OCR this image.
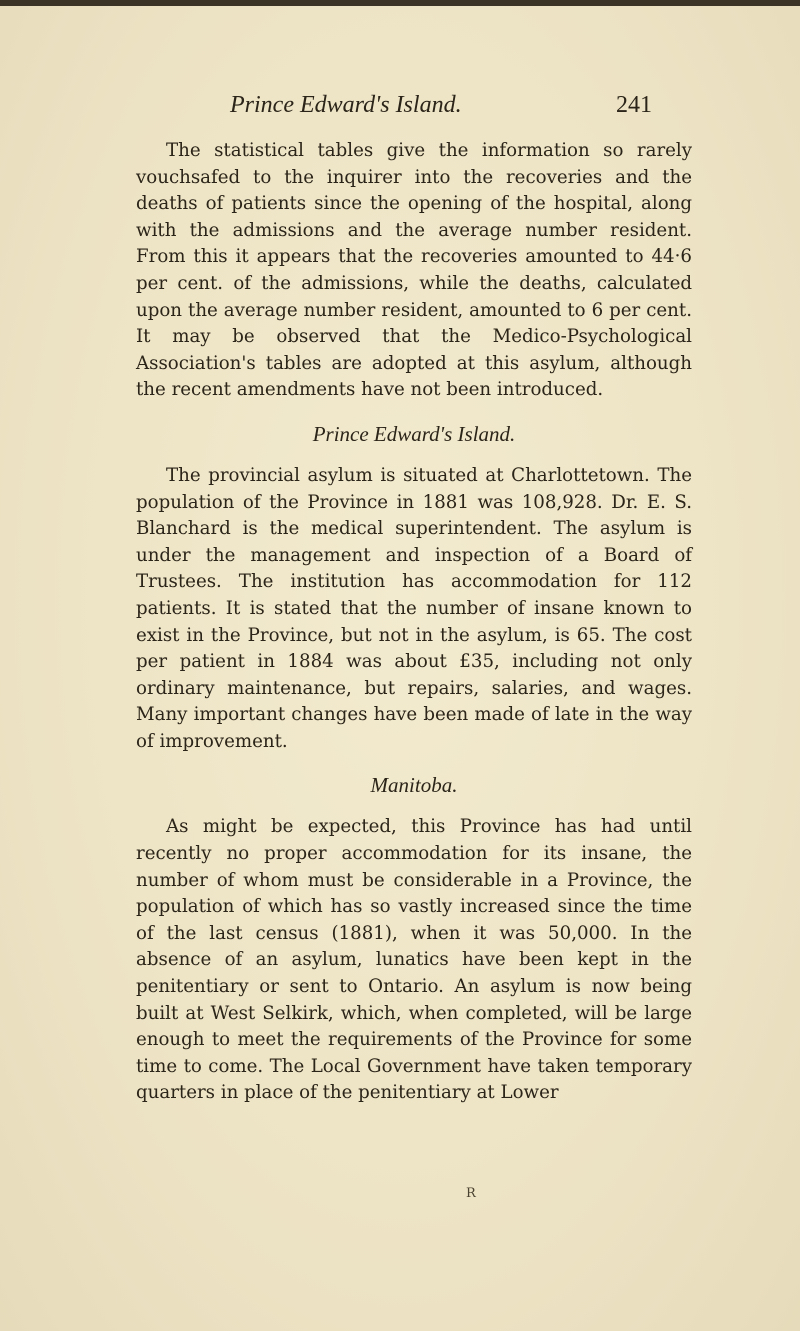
Prince Edward's Island.	241

The statistical tables give the information so rarely vouchsafed to the inquirer into the recoveries and the deaths of patients since the opening of the hospital, along with the admissions and the average number resident. From this it appears that the recoveries amounted to 44·6 per cent. of the admissions, while the deaths, calculated upon the average number resident, amounted to 6 per cent. It may be observed that the Medico-Psychological Association's tables are adopted at this asylum, although the recent amendments have not been introduced.

Prince Edward's Island.

The provincial asylum is situated at Charlottetown. The population of the Province in 1881 was 108,928. Dr. E. S. Blanchard is the medical superintendent. The asylum is under the management and inspection of a Board of Trustees. The institution has accommodation for 112 patients. It is stated that the number of insane known to exist in the Province, but not in the asylum, is 65. The cost per patient in 1884 was about £35, including not only ordinary maintenance, but repairs, salaries, and wages. Many important changes have been made of late in the way of improvement.

Manitoba.

As might be expected, this Province has had until recently no proper accommodation for its insane, the number of whom must be considerable in a Province, the population of which has so vastly increased since the time of the last census (1881), when it was 50,000. In the absence of an asylum, lunatics have been kept in the penitentiary or sent to Ontario. An asylum is now being built at West Selkirk, which, when completed, will be large enough to meet the requirements of the Province for some time to come. The Local Government have taken temporary quarters in place of the penitentiary at Lower

R
